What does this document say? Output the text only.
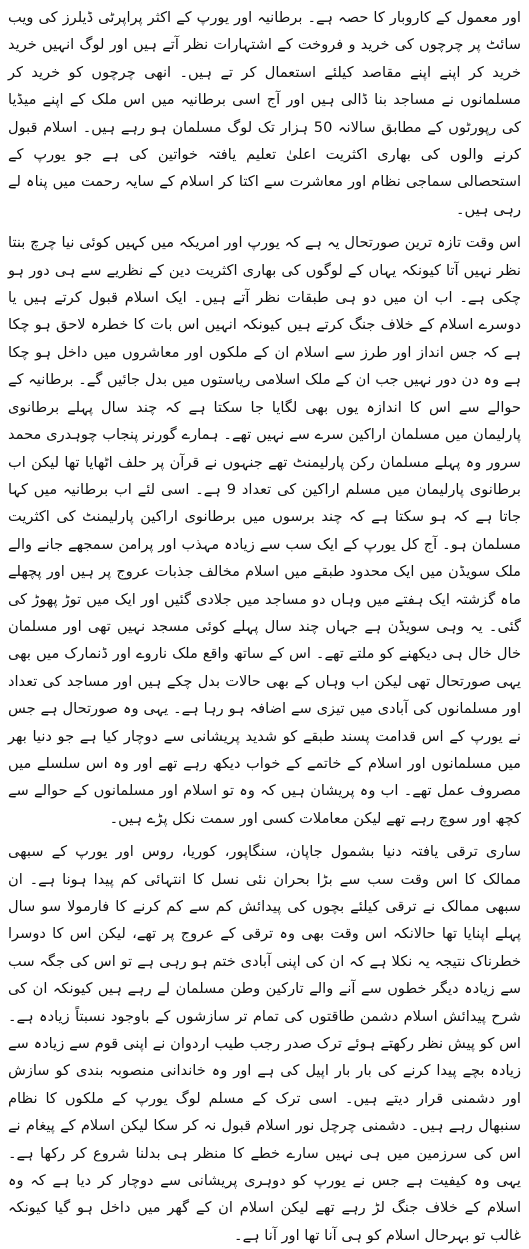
اور معمول کے کاروبار کا حصہ ہے۔ برطانیہ اور یورپ کے اکثر پراپرٹی ڈیلرز کی ویب سائٹ پر چرچوں کی خرید و فروخت کے اشتہارات نظر آتے ہیں اور لوگ انہیں خرید خرید کر اپنے اپنے مقاصد کیلئے استعمال کر تے ہیں۔ انھی چرچوں کو خرید کر مسلمانوں نے مساجد بنا ڈالی ہیں اور آج اسی برطانیہ میں اس ملک کے اپنے میڈیا کی رپورٹوں کے مطابق سالانہ 50 ہزار تک لوگ مسلمان ہو رہے ہیں۔ اسلام قبول کرنے والوں کی بھاری اکثریت اعلیٰ تعلیم یافتہ خواتین کی ہے جو یورپ کے استحصالی سماجی نظام اور معاشرت سے اکتا کر اسلام کے سایہ رحمت میں پناہ لے رہی ہیں۔

اس وقت تازہ ترین صورتحال یہ ہے کہ یورپ اور امریکہ میں کہیں کوئی نیا چرچ بنتا نظر نہیں آتا کیونکہ یہاں کے لوگوں کی بھاری اکثریت دین کے نظریے سے ہی دور ہو چکی ہے۔ اب ان میں دو ہی طبقات نظر آتے ہیں۔ ایک اسلام قبول کرتے ہیں یا دوسرے اسلام کے خلاف جنگ کرتے ہیں کیونکہ انہیں اس بات کا خطرہ لاحق ہو چکا ہے کہ جس انداز اور طرز سے اسلام ان کے ملکوں اور معاشروں میں داخل ہو چکا ہے وہ دن دور نہیں جب ان کے ملک اسلامی ریاستوں میں بدل جائیں گے۔ برطانیہ کے حوالے سے اس کا اندازہ یوں بھی لگایا جا سکتا ہے کہ چند سال پہلے برطانوی پارلیمان میں مسلمان اراکین سرے سے نہیں تھے۔ ہمارے گورنر پنجاب چوہدری محمد سرور وہ پہلے مسلمان رکن پارلیمنٹ تھے جنہوں نے قرآن پر حلف اٹھایا تھا لیکن اب برطانوی پارلیمان میں مسلم اراکین کی تعداد 9 ہے۔ اسی لئے اب برطانیہ میں کہا جاتا ہے کہ ہو سکتا ہے کہ چند برسوں میں برطانوی اراکین پارلیمنٹ کی اکثریت مسلمان ہو۔ آج کل یورپ کے ایک سب سے زیادہ مہذب اور پرامن سمجھے جانے والے ملک سویڈن میں ایک محدود طبقے میں اسلام مخالف جذبات عروج پر ہیں اور پچھلے ماہ گزشتہ ایک ہفتے میں وہاں دو مساجد میں جلادی گئیں اور ایک میں توڑ پھوڑ کی گئی۔ یہ وہی سویڈن ہے جہاں چند سال پہلے کوئی مسجد نہیں تھی اور مسلمان خال خال ہی دیکھنے کو ملتے تھے۔ اس کے ساتھ واقع ملک ناروے اور ڈنمارک میں بھی یہی صورتحال تھی لیکن اب وہاں کے بھی حالات بدل چکے ہیں اور مساجد کی تعداد اور مسلمانوں کی آبادی میں تیزی سے اضافہ ہو رہا ہے۔ یہی وہ صورتحال ہے جس نے یورپ کے اس قدامت پسند طبقے کو شدید پریشانی سے دوچار کیا ہے جو دنیا بھر میں مسلمانوں اور اسلام کے خاتمے کے خواب دیکھ رہے تھے اور وہ اس سلسلے میں مصروف عمل تھے۔ اب وہ پریشان ہیں کہ وہ تو اسلام اور مسلمانوں کے حوالے سے کچھ اور سوچ رہے تھے لیکن معاملات کسی اور سمت نکل پڑے ہیں۔

ساری ترقی یافتہ دنیا بشمول جاپان، سنگاپور، کوریا، روس اور یورپ کے سبھی ممالک کا اس وقت سب سے بڑا بحران نئی نسل کا انتہائی کم پیدا ہونا ہے۔ ان سبھی ممالک نے ترقی کیلئے بچوں کی پیدائش کم سے کم کرنے کا فارمولا سو سال پہلے اپنایا تھا حالانکہ اس وقت بھی وہ ترقی کے عروج پر تھے، لیکن اس کا دوسرا خطرناک نتیجہ یہ نکلا ہے کہ ان کی اپنی آبادی ختم ہو رہی ہے تو اس کی جگہ سب سے زیادہ دیگر خطوں سے آنے والے تارکین وطن مسلمان لے رہے ہیں کیونکہ ان کی شرح پیدائش اسلام دشمن طاقتوں کی تمام تر سازشوں کے باوجود نسبتاً زیادہ ہے۔ اس کو پیش نظر رکھتے ہوئے ترک صدر رجب طیب اردوان نے اپنی قوم سے زیادہ سے زیادہ بچے پیدا کرنے کی بار بار اپیل کی ہے اور وہ خاندانی منصوبہ بندی کو سازش اور دشمنی قرار دیتے ہیں۔ اسی ترک کے مسلم لوگ یورپ کے ملکوں کا نظام سنبھال رہے ہیں۔ دشمنی چرچل نور اسلام قبول نہ کر سکا لیکن اسلام کے پیغام نے اس کی سرزمین میں ہی نہیں سارے خطے کا منظر ہی بدلنا شروع کر رکھا ہے۔ یہی وہ کیفیت ہے جس نے یورپ کو دوہری پریشانی سے دوچار کر دیا ہے کہ وہ اسلام کے خلاف جنگ لڑ رہے تھے لیکن اسلام ان کے گھر میں داخل ہو گیا کیونکہ غالب تو بہرحال اسلام کو ہی آنا تھا اور آنا ہے۔
